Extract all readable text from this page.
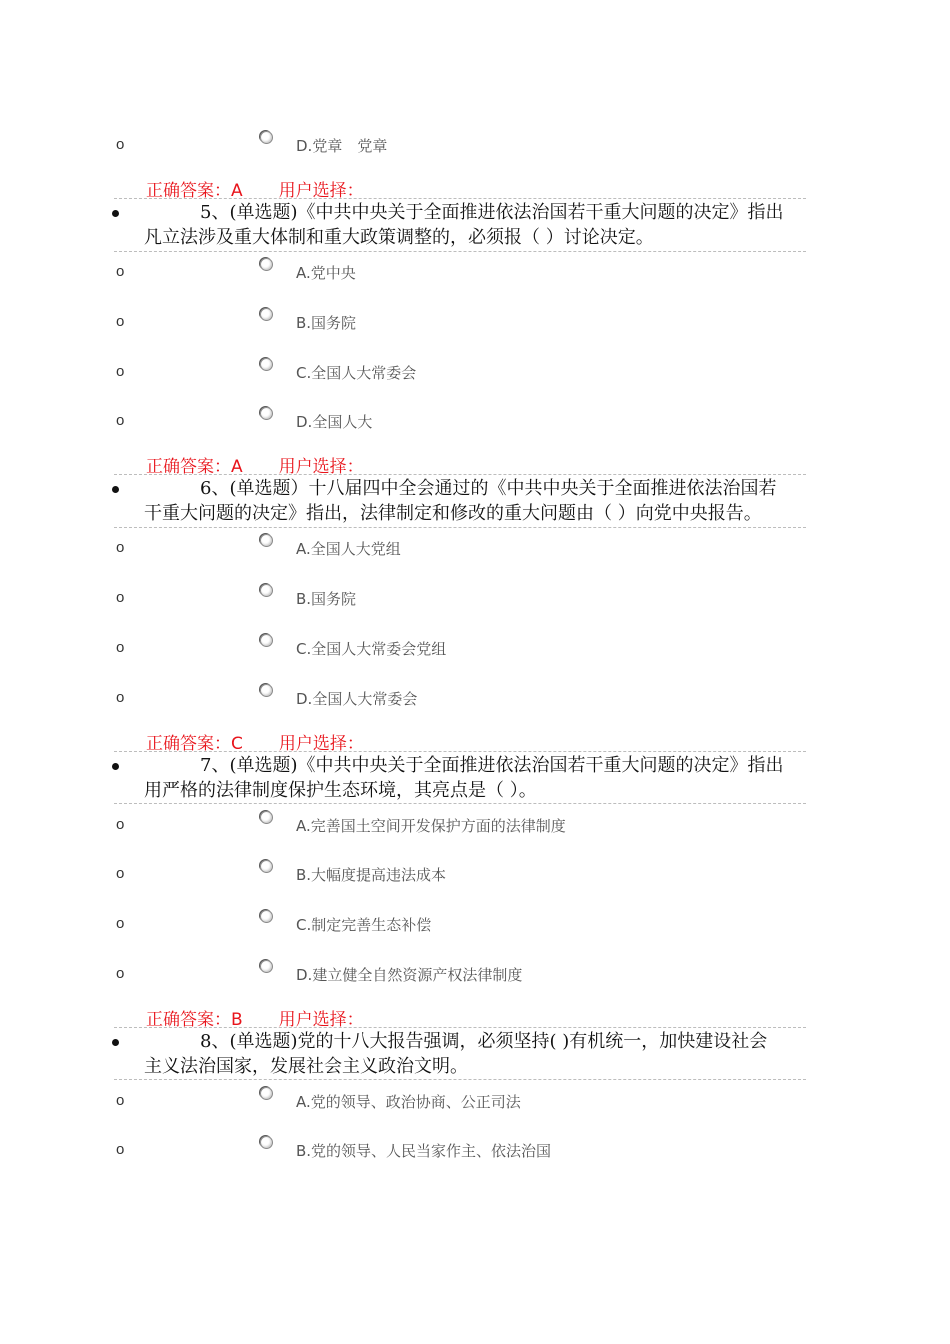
o	D.党章　党章
正确答案：A 用户选择：
5、(单选题)《中共中央关于全面推进依法治国若干重大问题的决定》指出
凡立法涉及重大体制和重大政策调整的，必须报（ ）讨论决定。
o	A.党中央
o	B.国务院
o	C.全国人大常委会
o	D.全国人大
正确答案：A 用户选择：
6、(单选题）十八届四中全会通过的《中共中央关于全面推进依法治国若
干重大问题的决定》指出，法律制定和修改的重大问题由（ ）向党中央报告。
o	A.全国人大党组
o	B.国务院
o	C.全国人大常委会党组
o	D.全国人大常委会
正确答案：C 用户选择：
7、(单选题)《中共中央关于全面推进依法治国若干重大问题的决定》指出
用严格的法律制度保护生态环境，其亮点是（ ）。
o	A.完善国土空间开发保护方面的法律制度
o	B.大幅度提高违法成本
o	C.制定完善生态补偿
o	D.建立健全自然资源产权法律制度
正确答案：B 用户选择：
8、(单选题)党的十八大报告强调，必须坚持( )有机统一，加快建设社会
主义法治国家，发展社会主义政治文明。
o	A.党的领导、政治协商、公正司法
o	B.党的领导、人民当家作主、依法治国
